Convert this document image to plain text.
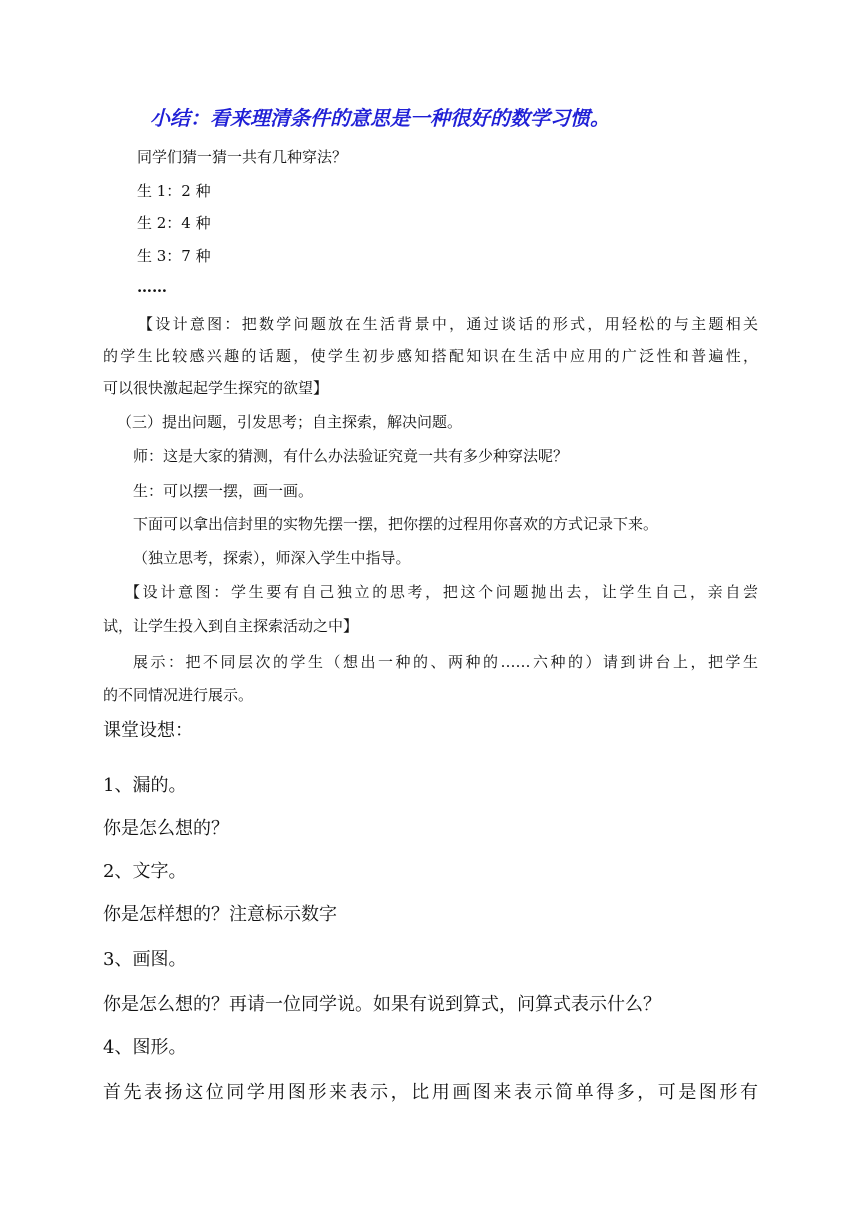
小结：看来理清条件的意思是一种很好的数学习惯。

同学们猜一猜一共有几种穿法？

生 1：2 种

生 2：4 种

生 3：7 种

……

【设计意图：把数学问题放在生活背景中，通过谈话的形式，用轻松的与主题相关

的学生比较感兴趣的话题，使学生初步感知搭配知识在生活中应用的广泛性和普遍性，

可以很快激起起学生探究的欲望】

（三）提出问题，引发思考；自主探索，解决问题。

师：这是大家的猜测，有什么办法验证究竟一共有多少种穿法呢？

生：可以摆一摆，画一画。

下面可以拿出信封里的实物先摆一摆，把你摆的过程用你喜欢的方式记录下来。

（独立思考，探索），师深入学生中指导。

【设计意图：学生要有自己独立的思考，把这个问题抛出去，让学生自己，亲自尝

试，让学生投入到自主探索活动之中】

展示：把不同层次的学生（想出一种的、两种的……六种的）请到讲台上，把学生

的不同情况进行展示。

课堂设想：

1、漏的。

你是怎么想的？

2、文字。

你是怎样想的？注意标示数字

3、画图。

你是怎么想的？再请一位同学说。如果有说到算式，问算式表示什么？

4、图形。

首先表扬这位同学用图形来表示，比用画图来表示简单得多，可是图形有
